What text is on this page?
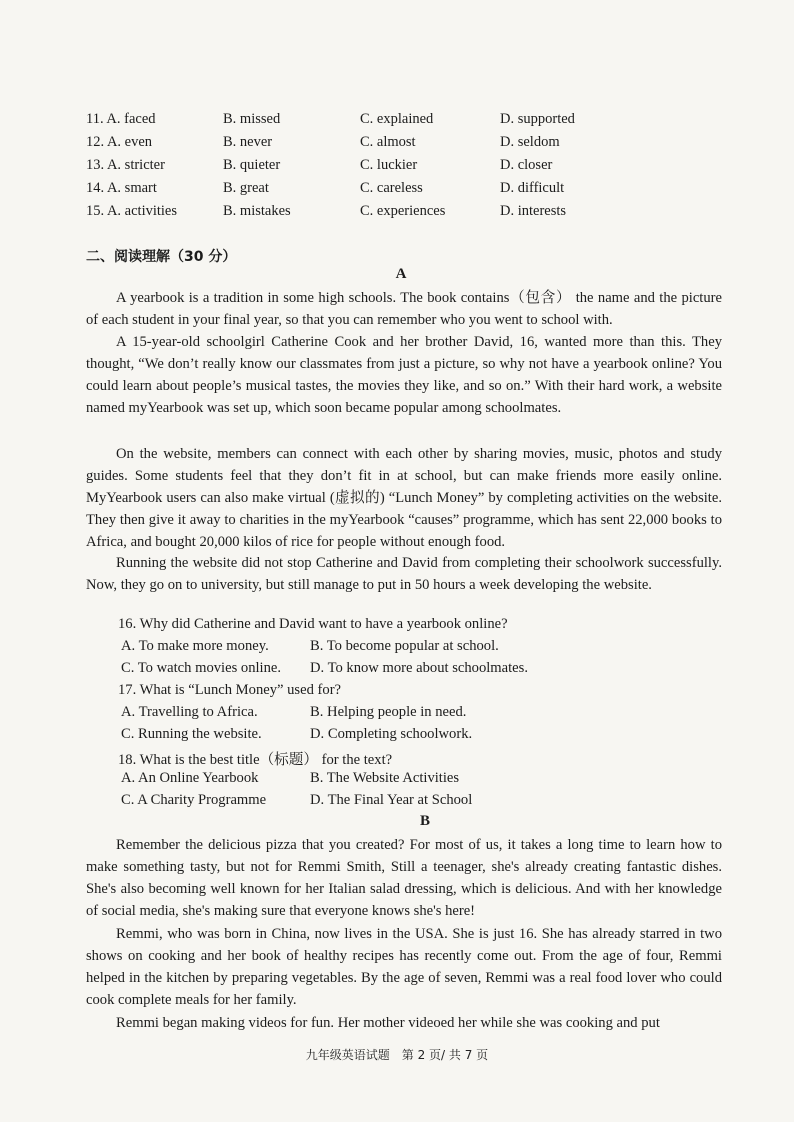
11. A. faced	B. missed	C. explained	D. supported
12. A. even	B. never	C. almost	D. seldom
13. A. stricter	B. quieter	C. luckier	D. closer
14. A. smart	B. great	C. careless	D. difficult
15. A. activities	B. mistakes	C. experiences	D. interests
二、阅读理解（30 分）
A

A yearbook is a tradition in some high schools. The book contains（包含） the name and the picture of each student in your final year, so that you can remember who you went to school with.

A 15-year-old schoolgirl Catherine Cook and her brother David, 16, wanted more than this. They thought, “We don’t really know our classmates from just a picture, so why not have a yearbook online? You could learn about people’s musical tastes, the movies they like, and so on.” With their hard work, a website named myYearbook was set up, which soon became popular among schoolmates.

On the website, members can connect with each other by sharing movies, music, photos and study guides. Some students feel that they don’t fit in at school, but can make friends more easily online. MyYearbook users can also make virtual (虚拟的) “Lunch Money” by completing activities on the website. They then give it away to charities in the myYearbook “causes” programme, which has sent 22,000 books to Africa, and bought 20,000 kilos of rice for people without enough food.

Running the website did not stop Catherine and David from completing their schoolwork successfully. Now, they go on to university, but still manage to put in 50 hours a week developing the website.

16. Why did Catherine and David want to have a yearbook online?
A. To make more money.	B. To become popular at school.
C. To watch movies online. D. To know more about schoolmates.
17. What is “Lunch Money” used for?
A. Travelling to Africa.	B. Helping people in need.
C. Running the website.	D. Completing schoolwork.
18. What is the best title（标题） for the text?
A. An Online Yearbook	B. The Website Activities
C. A Charity Programme	D. The Final Year at School
B

Remember the delicious pizza that you created? For most of us, it takes a long time to learn how to make something tasty, but not for Remmi Smith, Still a teenager, she's already creating fantastic dishes. She's also becoming well known for her Italian salad dressing, which is delicious. And with her knowledge of social media, she's making sure that everyone knows she's here!

Remmi, who was born in China, now lives in the USA. She is just 16. She has already starred in two shows on cooking and her book of healthy recipes has recently come out. From the age of four, Remmi helped in the kitchen by preparing vegetables. By the age of seven, Remmi was a real food lover who could cook complete meals for her family.

Remmi began making videos for fun. Her mother videoed her while she was cooking and put

九年级英语试题　第 2 页/ 共 7 页
